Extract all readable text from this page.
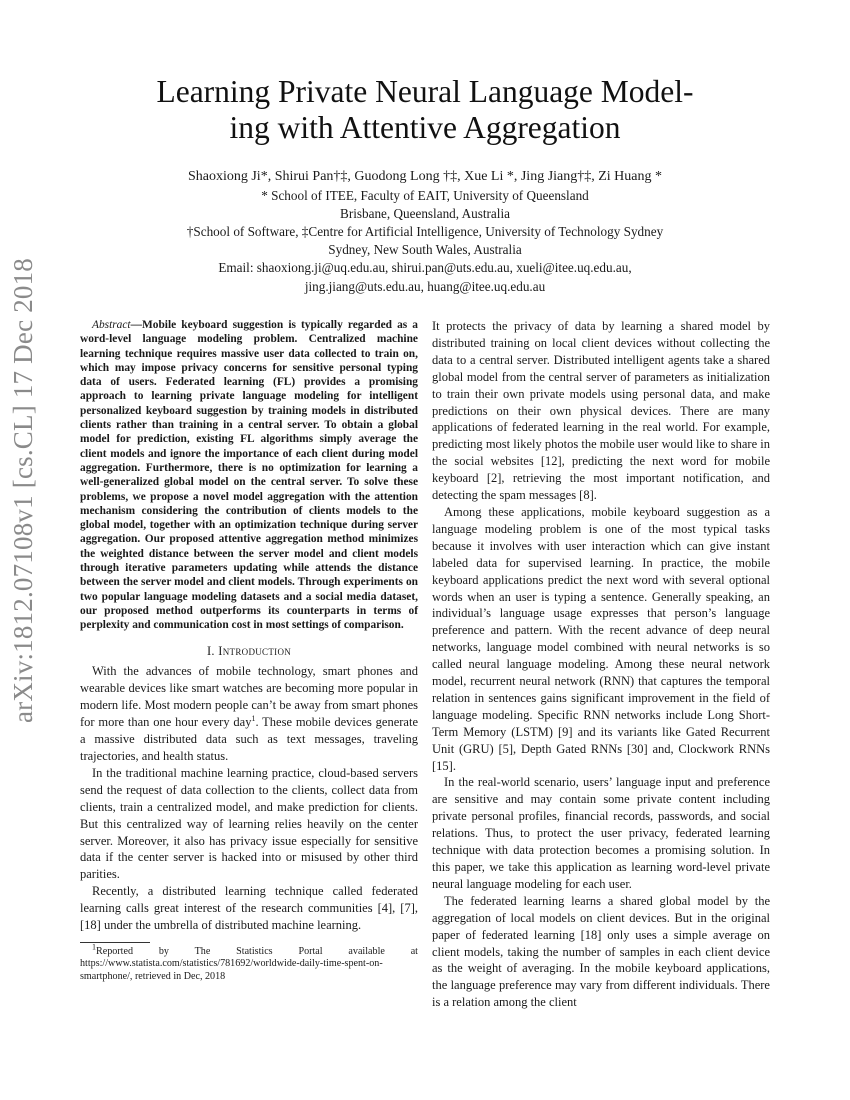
arXiv:1812.07108v1 [cs.CL] 17 Dec 2018
Learning Private Neural Language Model-
ing with Attentive Aggregation
Shaoxiong Ji*, Shirui Pan†‡, Guodong Long †‡, Xue Li *, Jing Jiang†‡, Zi Huang *
* School of ITEE, Faculty of EAIT, University of Queensland
Brisbane, Queensland, Australia
†School of Software, ‡Centre for Artificial Intelligence, University of Technology Sydney
Sydney, New South Wales, Australia
Email: shaoxiong.ji@uq.edu.au, shirui.pan@uts.edu.au, xueli@itee.uq.edu.au,
jing.jiang@uts.edu.au, huang@itee.uq.edu.au

Abstract—Mobile keyboard suggestion is typically regarded as a word-level language modeling problem. Centralized machine learning technique requires massive user data collected to train on, which may impose privacy concerns for sensitive personal typing data of users. Federated learning (FL) provides a promising approach to learning private language modeling for intelligent personalized keyboard suggestion by training models in distributed clients rather than training in a central server. To obtain a global model for prediction, existing FL algorithms simply average the client models and ignore the importance of each client during model aggregation. Furthermore, there is no optimization for learning a well-generalized global model on the central server. To solve these problems, we propose a novel model aggregation with the attention mechanism considering the contribution of clients models to the global model, together with an optimization technique during server aggregation. Our proposed attentive aggregation method minimizes the weighted distance between the server model and client models through iterative parameters updating while attends the distance between the server model and client models. Through experiments on two popular language modeling datasets and a social media dataset, our proposed method outperforms its counterparts in terms of perplexity and communication cost in most settings of comparison.

I. Introduction

With the advances of mobile technology, smart phones and wearable devices like smart watches are becoming more popular in modern life. Most modern people can’t be away from smart phones for more than one hour every day$^1$. These mobile devices generate a massive distributed data such as text messages, traveling trajectories, and health status.

In the traditional machine learning practice, cloud-based servers send the request of data collection to the clients, collect data from clients, train a centralized model, and make prediction for clients. But this centralized way of learning relies heavily on the center server. Moreover, it also has privacy issue especially for sensitive data if the center server is hacked into or misused by other third parities.

Recently, a distributed learning technique called federated learning calls great interest of the research communities [4], [7], [18] under the umbrella of distributed machine learning.

$^1$Reported by The Statistics Portal available at https://www.statista.com/statistics/781692/worldwide-daily-time-spent-on-smartphone/, retrieved in Dec, 2018

It protects the privacy of data by learning a shared model by distributed training on local client devices without collecting the data to a central server. Distributed intelligent agents take a shared global model from the central server of parameters as initialization to train their own private models using personal data, and make predictions on their own physical devices. There are many applications of federated learning in the real world. For example, predicting most likely photos the mobile user would like to share in the social websites [12], predicting the next word for mobile keyboard [2], retrieving the most important notification, and detecting the spam messages [8].

Among these applications, mobile keyboard suggestion as a language modeling problem is one of the most typical tasks because it involves with user interaction which can give instant labeled data for supervised learning. In practice, the mobile keyboard applications predict the next word with several optional words when an user is typing a sentence. Generally speaking, an individual’s language usage expresses that person’s language preference and pattern. With the recent advance of deep neural networks, language model combined with neural networks is so called neural language modeling. Among these neural network model, recurrent neural network (RNN) that captures the temporal relation in sentences gains significant improvement in the field of language modeling. Specific RNN networks include Long Short-Term Memory (LSTM) [9] and its variants like Gated Recurrent Unit (GRU) [5], Depth Gated RNNs [30] and, Clockwork RNNs [15].

In the real-world scenario, users’ language input and preference are sensitive and may contain some private content including private personal profiles, financial records, passwords, and social relations. Thus, to protect the user privacy, federated learning technique with data protection becomes a promising solution. In this paper, we take this application as learning word-level private neural language modeling for each user.

The federated learning learns a shared global model by the aggregation of local models on client devices. But in the original paper of federated learning [18] only uses a simple average on client models, taking the number of samples in each client device as the weight of averaging. In the mobile keyboard applications, the language preference may vary from different individuals. There is a relation among the client
